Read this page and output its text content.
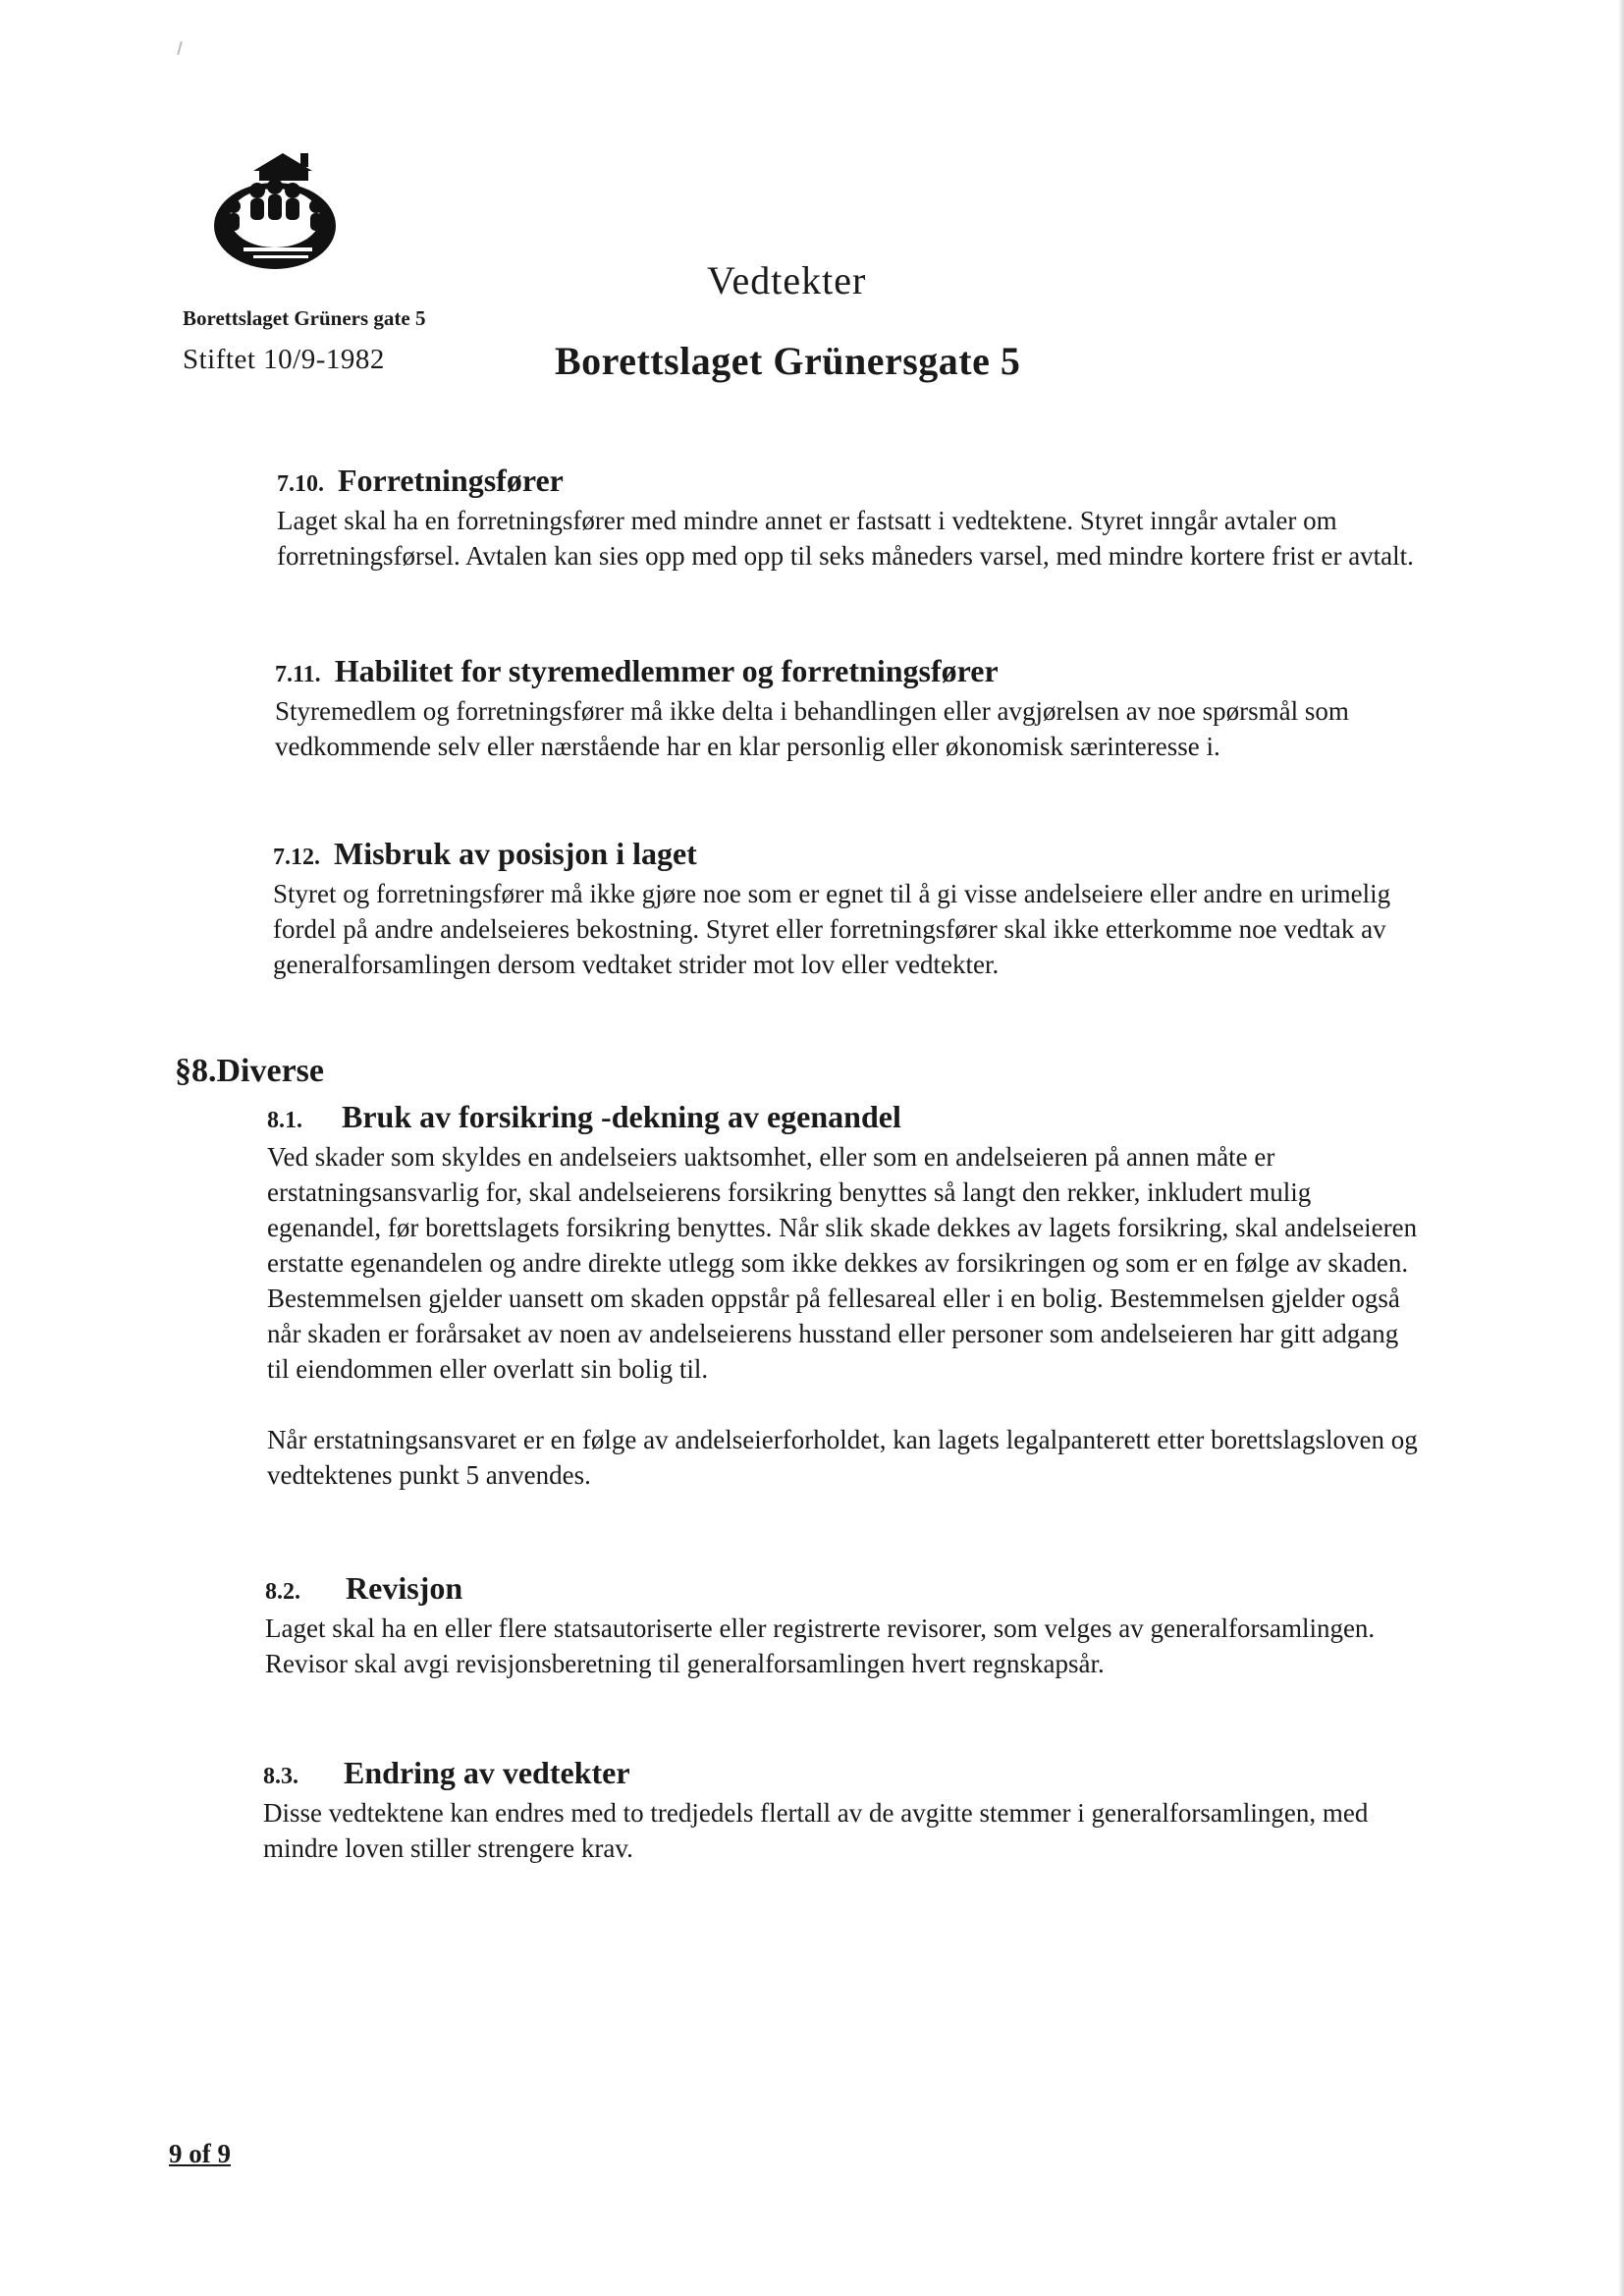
Borettslaget Grüners gate 5
Stiftet 10/9-1982
Vedtekter
Borettslaget Grünersgate 5
7.10. Forretningsfører

Laget skal ha en forretningsfører med mindre annet er fastsatt i vedtektene. Styret inngår avtaler om forretningsførsel. Avtalen kan sies opp med opp til seks måneders varsel, med mindre kortere frist er avtalt.

7.11. Habilitet for styremedlemmer og forretningsfører

Styremedlem og forretningsfører må ikke delta i behandlingen eller avgjørelsen av noe spørsmål som vedkommende selv eller nærstående har en klar personlig eller økonomisk særinteresse i.

7.12. Misbruk av posisjon i laget

Styret og forretningsfører må ikke gjøre noe som er egnet til å gi visse andelseiere eller andre en urimelig fordel på andre andelseieres bekostning. Styret eller forretningsfører skal ikke etterkomme noe vedtak av generalforsamlingen dersom vedtaket strider mot lov eller vedtekter.

§8.Diverse
8.1. Bruk av forsikring -dekning av egenandel

Ved skader som skyldes en andelseiers uaktsomhet, eller som en andelseieren på annen måte er erstatningsansvarlig for, skal andelseierens forsikring benyttes så langt den rekker, inkludert mulig egenandel, før borettslagets forsikring benyttes. Når slik skade dekkes av lagets forsikring, skal andelseieren erstatte egenandelen og andre direkte utlegg som ikke dekkes av forsikringen og som er en følge av skaden. Bestemmelsen gjelder uansett om skaden oppstår på fellesareal eller i en bolig. Bestemmelsen gjelder også når skaden er forårsaket av noen av andelseierens husstand eller personer som andelseieren har gitt adgang til eiendommen eller overlatt sin bolig til.

Når erstatningsansvaret er en følge av andelseierforholdet, kan lagets legalpanterett etter borettslagsloven og vedtektenes punkt 5 anvendes.

8.2. Revisjon

Laget skal ha en eller flere statsautoriserte eller registrerte revisorer, som velges av generalforsamlingen. Revisor skal avgi revisjonsberetning til generalforsamlingen hvert regnskapsår.

8.3. Endring av vedtekter

Disse vedtektene kan endres med to tredjedels flertall av de avgitte stemmer i generalforsamlingen, med mindre loven stiller strengere krav.

9 of 9
